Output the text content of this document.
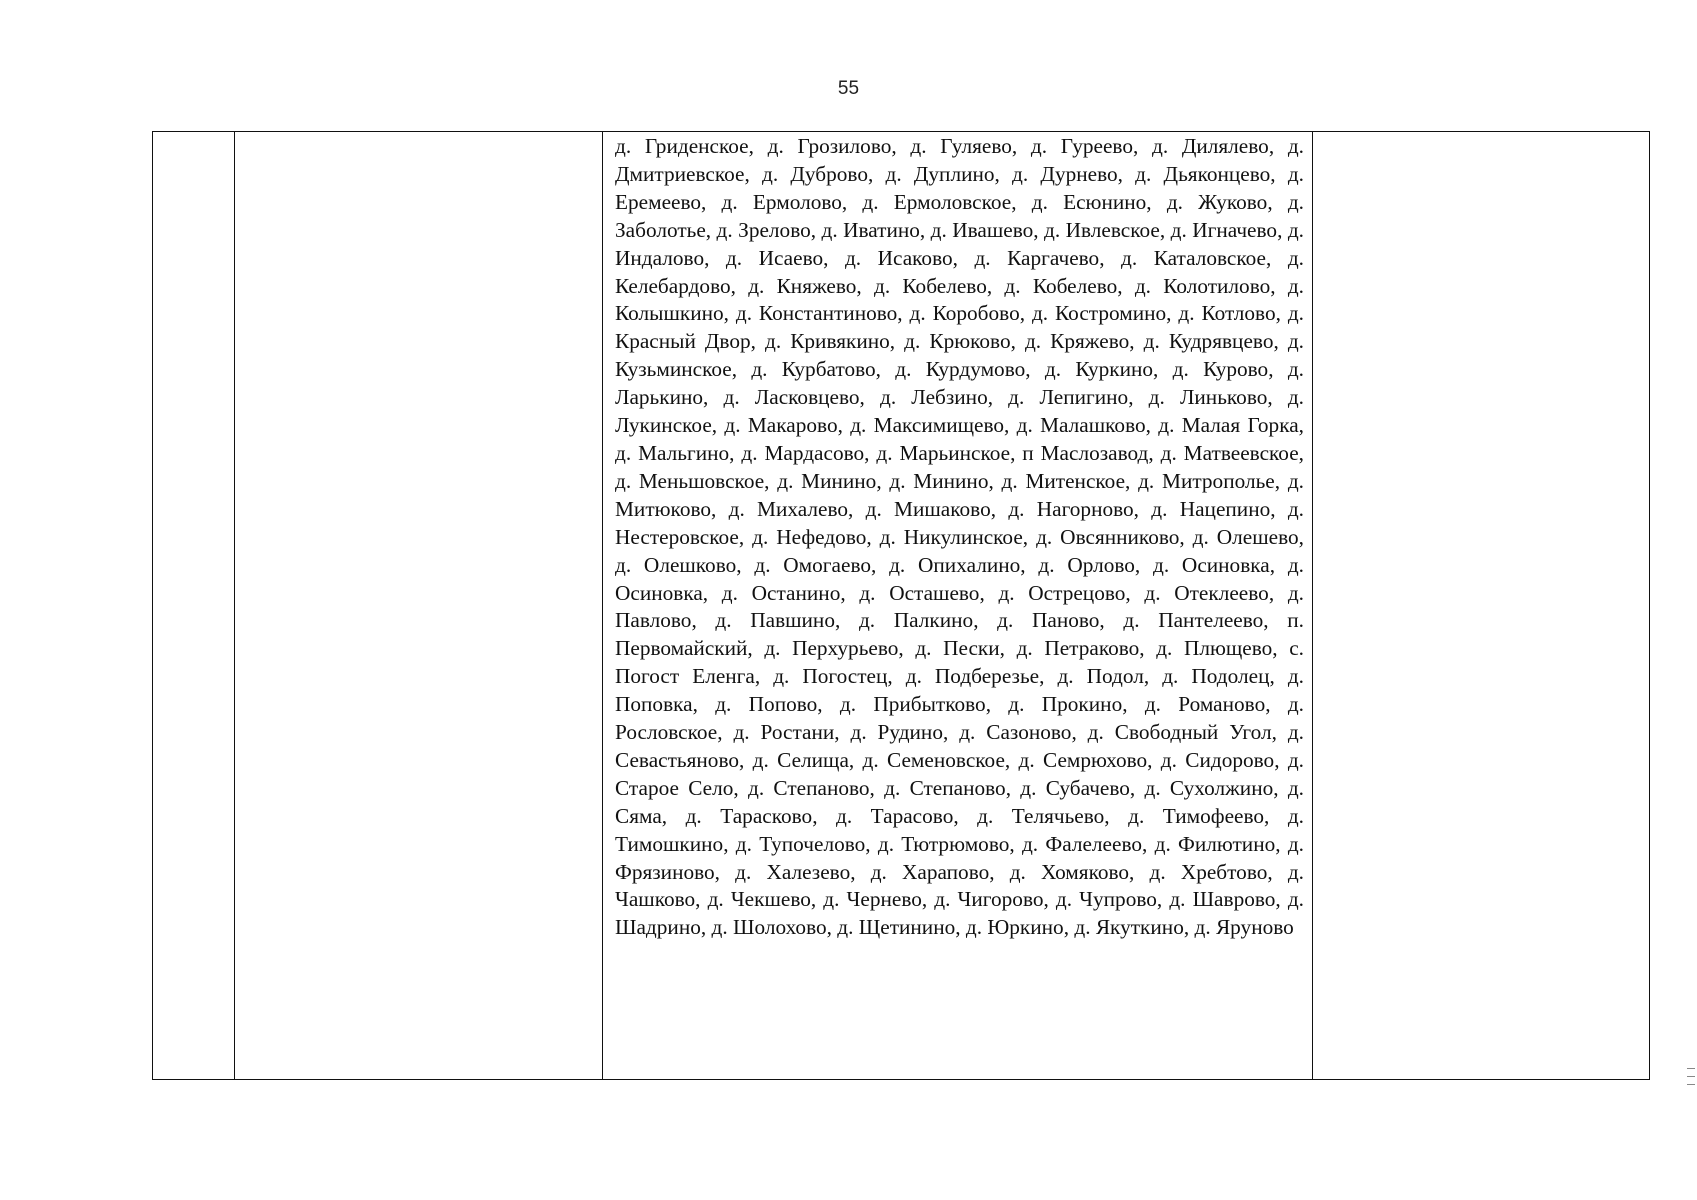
55

д. Гриденское, д. Грозилово, д. Гуляево, д. Гуреево, д. Дилялево, д. Дмитриевское, д. Дуброво, д. Дуплино, д. Дурнево, д. Дьяконцево, д. Еремеево, д. Ермолово, д. Ермоловское, д. Есюнино, д. Жуково, д. Заболотье, д. Зрелово, д. Иватино, д. Ивашево, д. Ивлевское, д. Игначево, д. Индалово, д. Исаево, д. Исаково, д. Каргачево, д. Каталовское, д. Келебардово, д. Княжево, д. Кобелево, д. Кобелево, д. Колотилово, д. Колышкино, д. Константиново, д. Коробово, д. Костромино, д. Котлово, д. Красный Двор, д. Кривякино, д. Крюково, д. Кряжево, д. Кудрявцево, д. Кузьминское, д. Курбатово, д. Курдумово, д. Куркино, д. Курово, д. Ларькино, д. Ласковцево, д. Лебзино, д. Лепигино, д. Линьково, д. Лукинское, д. Макарово, д. Максимищево, д. Малашково, д. Малая Горка, д. Мальгино, д. Мардасово, д. Марьинское, п Маслозавод, д. Матвеевское, д. Меньшовское, д. Минино, д. Минино, д. Митенское, д. Митрополье, д. Митюково, д. Михалево, д. Мишаково, д. Нагорново, д. Нацепино, д. Нестеровское, д. Нефедово, д. Никулинское, д. Овсянниково, д. Олешево, д. Олешково, д. Омогаево, д. Опихалино, д. Орлово, д. Осиновка, д. Осиновка, д. Останино, д. Осташево, д. Острецово, д. Отеклеево, д. Павлово, д. Павшино, д. Палкино, д. Паново, д. Пантелеево, п. Первомайский, д. Перхурьево, д. Пески, д. Петраково, д. Плющево, с. Погост Еленга, д. Погостец, д. Подберезье, д. Подол, д. Подолец, д. Поповка, д. Попово, д. Прибытково, д. Прокино, д. Романово, д. Рословское, д. Ростани, д. Рудино, д. Сазоново, д. Свободный Угол, д. Севастьяново, д. Селища, д. Семеновское, д. Семрюхово, д. Сидорово, д. Старое Село, д. Степаново, д. Степаново, д. Субачево, д. Сухолжино, д. Сяма, д. Тарасково, д. Тарасово, д. Телячьево, д. Тимофеево, д. Тимошкино, д. Тупочелово, д. Тютрюмово, д. Фалелеево, д. Филютино, д. Фрязиново, д. Халезево, д. Харапово, д. Хомяково, д. Хребтово, д. Чашково, д. Чекшево, д. Чернево, д. Чигорово, д. Чупрово, д. Шаврово, д. Шадрино, д. Шолохово, д. Щетинино, д. Юркино, д. Якуткино, д. Яруново
